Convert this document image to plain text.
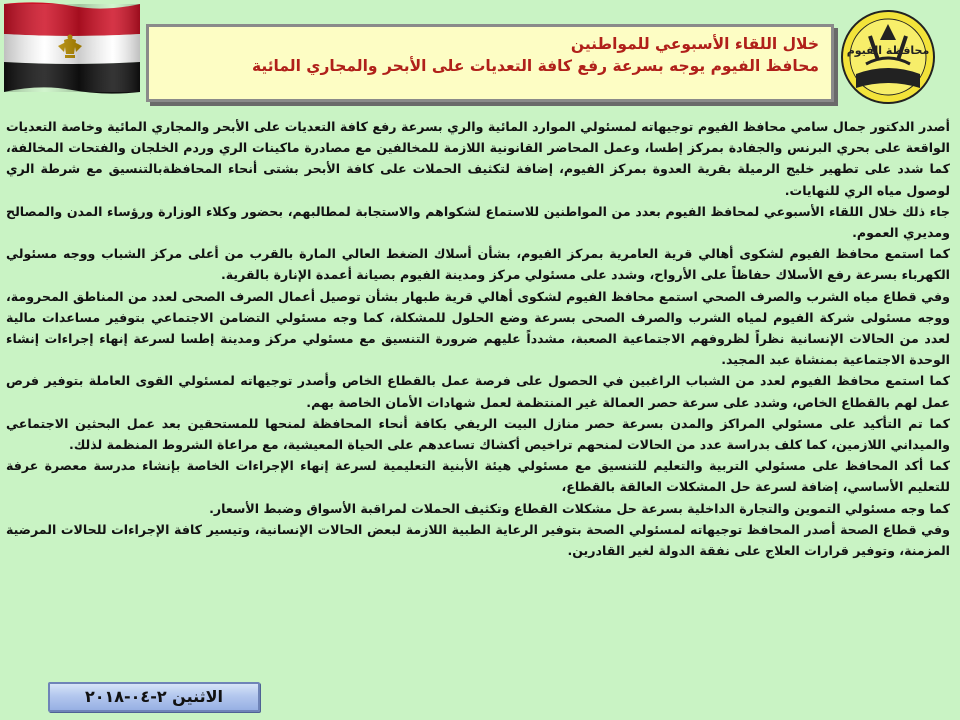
محافظة الفيوم
خلال اللقاء الأسبوعي للمواطنين
محافظ الفيوم يوجه بسرعة رفع كافة التعديات على الأبحر والمجاري المائية

أصدر الدكتور جمال سامي محافظ الفيوم توجيهاته لمسئولي الموارد المائية والري بسرعة رفع كافة التعديات على الأبحر والمجاري المائية وخاصة التعديات الواقعة على بحري البرنس والجفادة بمركز إطسا، وعمل المحاضر القانونية اللازمة للمخالفين مع مصادرة ماكينات الري وردم الخلجان والفتحات المخالفة، كما شدد على تطهير خليج الرميلة بقرية العدوة بمركز الفيوم، إضافة لتكثيف الحملات على كافة الأبحر بشتى أنحاء المحافظةبالتنسيق مع شرطة الري لوصول مياه الري للنهايات.

جاء ذلك خلال اللقاء الأسبوعي لمحافظ الفيوم بعدد من المواطنين للاستماع لشكواهم والاستجابة لمطالبهم، بحضور وكلاء الوزارة ورؤساء المدن والمصالح ومديري العموم.

كما استمع محافظ الفيوم لشكوى أهالي قرية العامرية بمركز الفيوم، بشأن أسلاك الضغط العالي المارة بالقرب من أعلى مركز الشباب ووجه مسئولي الكهرباء بسرعة رفع الأسلاك حفاظاً على الأرواح، وشدد على مسئولي مركز ومدينة الفيوم بصيانة أعمدة الإنارة بالقرية.

وفي قطاع مياه الشرب والصرف الصحي استمع محافظ الفيوم لشكوى أهالي قرية طبهار بشأن توصيل أعمال الصرف الصحى لعدد من المناطق المحرومة، ووجه مسئولى شركة الفيوم لمياه الشرب والصرف الصحى بسرعة وضع الحلول للمشكلة، كما وجه مسئولي التضامن الاجتماعي بتوفير مساعدات مالية لعدد من الحالات الإنسانية نظراً لظروفهم الاجتماعية الصعبة، مشدداً عليهم ضرورة التنسيق مع مسئولي مركز ومدينة إطسا لسرعة إنهاء إجراءات إنشاء الوحدة الاجتماعية بمنشاة عبد المجيد.

كما استمع محافظ الفيوم لعدد من الشباب الراغبين في الحصول على فرصة عمل بالقطاع الخاص وأصدر توجيهاته لمسئولي القوى العاملة بتوفير فرص عمل لهم بالقطاع الخاص، وشدد على سرعة حصر العمالة غير المنتظمة لعمل شهادات الأمان الخاصة بهم.

كما تم التأكيد على مسئولي المراكز والمدن بسرعة حصر منازل البيت الريفي بكافة أنحاء المحافظة لمنحها للمستحقين بعد عمل البحثين الاجتماعي والميداني اللازمين، كما كلف بدراسة عدد من الحالات لمنحهم تراخيص أكشاك تساعدهم على الحياة المعيشية، مع مراعاة الشروط المنظمة لذلك.

كما أكد المحافظ على مسئولي التربية والتعليم للتنسيق مع مسئولي هيئة الأبنية التعليمية لسرعة إنهاء الإجراءات الخاصة بإنشاء مدرسة معصرة عرفة للتعليم الأساسي، إضافة لسرعة حل المشكلات العالقة بالقطاع،

كما وجه مسئولي التموين والتجارة الداخلية بسرعة حل مشكلات القطاع وتكثيف الحملات لمراقبة الأسواق وضبط الأسعار.

وفي قطاع الصحة أصدر المحافظ توجيهاته لمسئولي الصحة بتوفير الرعاية الطبية اللازمة لبعض الحالات الإنسانية، وتيسير كافة الإجراءات للحالات المرضية المزمنة، وتوفير قرارات العلاج على نفقة الدولة لغير القادرين.

الاثنين ٢-٠٤-٢٠١٨
